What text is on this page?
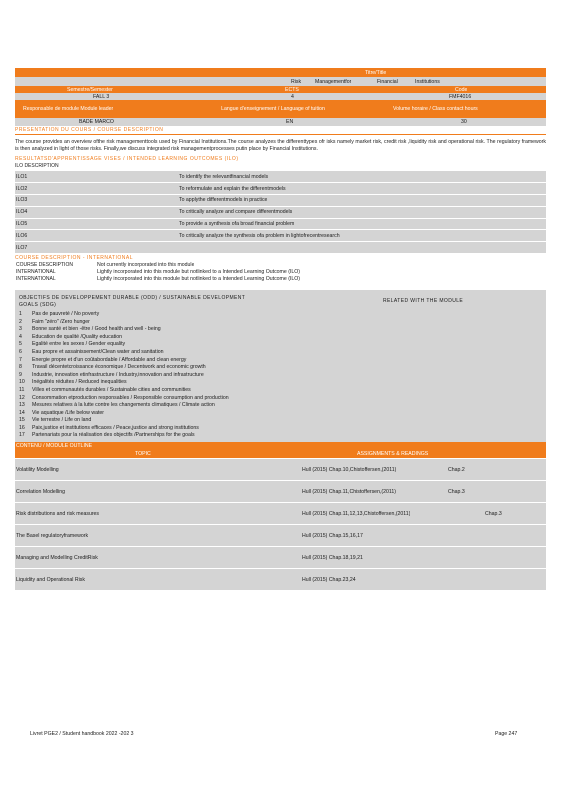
Titre/Title
Risk	Managementfor	Financial	Institutions
Semestre/Semester	ECTS	Code
FALL 3	4	FMF4016
Responsable de module Module leader	Langue d'enseignement / Language of tuition	Volume horaire / Class contact hours
BADE MARCO	EN	30
PRESENTATION DU COURS / COURSE DESCRIPTION
The course provides an overview ofthe risk managementtools used by Financial Institutions.The course analyzes the differenttypes ofr isks namely market risk, credit risk ,liquidity risk and operational risk. The regulatory framework is then analyzed in light of those risks. Finally,we discuss integrated risk managementprocesses putin place by Financial Institutions.
RESULTATSD'APPRENTISSAGE VISES / INTENDED LEARNING OUTCOMES (ILO)
ILO DESCRIPTION
ILO1	To identify the relevantfinancial models
ILO2	To reformulate and explain the differentmodels
ILO3	To applythe differentmodels in practice
ILO4	To critically analyze and compare differentmodels
ILO5	To provide a synthesis ofa broad financial problem
ILO6	To critically analyze the synthesis ofa problem in lightofrecentresearch
ILO7
COURSE DESCRIPTION - INTERNATIONAL
COURSE DESCRIPTION	Not currently incorporated into this module
INTERNATIONAL	Lightly incorporated into this module but notlinked to a Intended Learning Outcome (ILO)
INTERNATIONAL	Lightly incorporated into this module but notlinked to a Intended Learning Outcome (ILO)
OBJECTIFS DE DEVELOPPEMENT DURABLE (ODD) / SUSTAINABLE DEVELOPMENT GOALS (SDG)
RELATED WITH THE MODULE
1	Pas de pauvreté / No poverty
2	Faim "zéro" /Zero hunger
3	Bonne santé et bien -être / Good health and well - being
4	Education de qualité /Quality education
5	Egalité entre les sexes / Gender equality
6	Eau propre et assainissement/Clean water and sanitation
7	Energie propre et d'un coûtabordable / Affordable and clean energy
8	Travail décentetcroissance économique / Decentwork and economic growth
9	Industrie, innovation etinfrastructure / Industry,innovation and infrastructure
10	Inégalités réduites / Reduced inequalities
11	Villes et communautés durables / Sustainable cities and communities
12	Consommation etproduction responsables / Responsible consumption and production
13	Mesures relatives à la lutte contre les changements climatiques / Climate action
14	Vie aquatique /Life below water
15	Vie terrestre / Life on land
16	Paix,justice et institutions efficaces / Peace,justice and strong institutions
17	Partenariats pour la réalisation des objectifs /Partnerships for the goals
CONTENU / MODULE OUTLINE
TOPIC	ASSIGNMENTS & READINGS
Volatility Modelling	Hull (2015) Chap.10,Chistoffersen,(2011)	Chap.2
Correlation Modelling	Hull (2015) Chap.11,Chistoffersen,(2011)	Chap.3
Risk distributions and risk measures	Hull (2015) Chap.11,12,13,Chistoffersen,(2011)	Chap.3
The Basel regulatoryframework	Hull (2015) Chap.15,16,17
Managing and Modelling CreditRisk	Hull (2015) Chap.18,19,21
Liquidity and Operational Risk	Hull (2015) Chap.23,24
Livret PGE2 / Student handbook 2022 -202 3	Page 247
